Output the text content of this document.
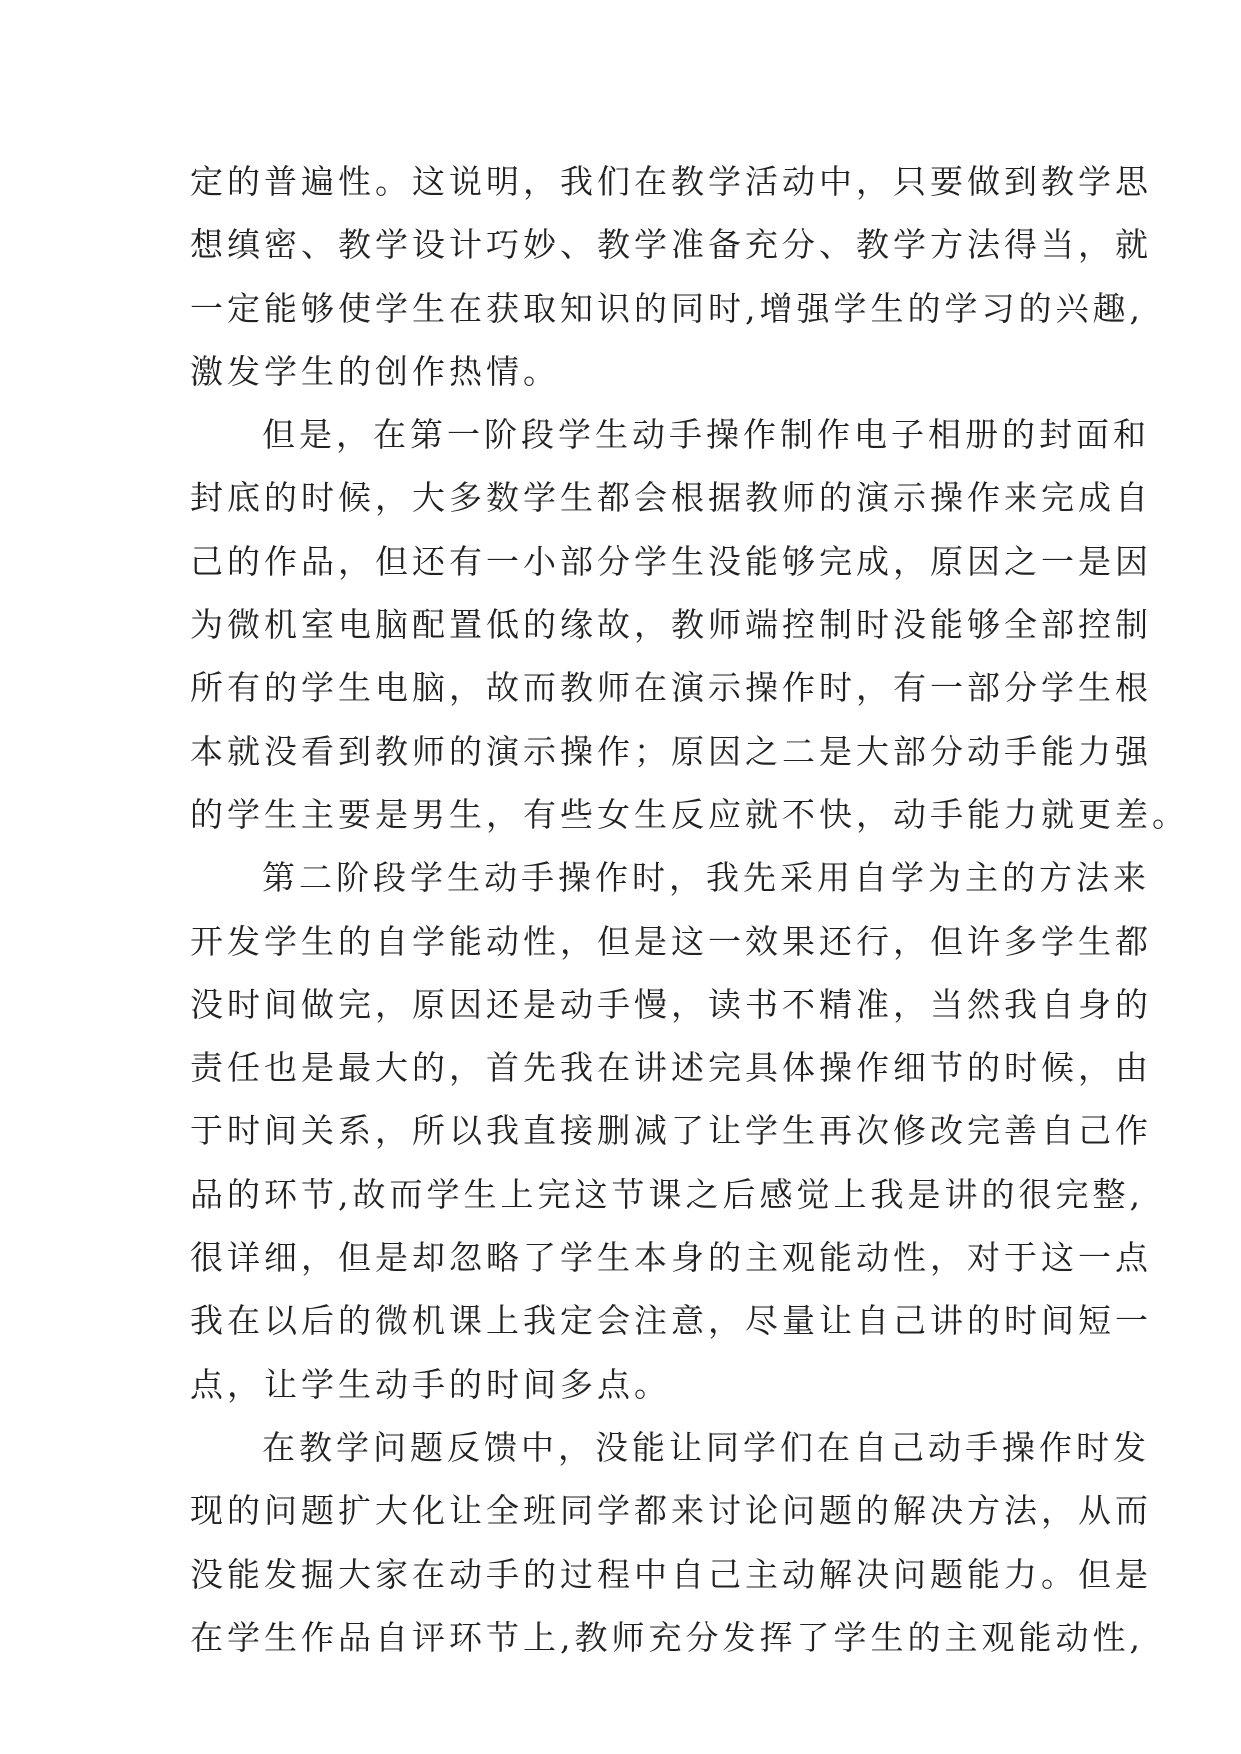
定的普遍性。这说明，我们在教学活动中，只要做到教学思
想缜密、教学设计巧妙、教学准备充分、教学方法得当，就
一定能够使学生在获取知识的同时,增强学生的学习的兴趣,
激发学生的创作热情。
但是，在第一阶段学生动手操作制作电子相册的封面和
封底的时候，大多数学生都会根据教师的演示操作来完成自
己的作品，但还有一小部分学生没能够完成，原因之一是因
为微机室电脑配置低的缘故，教师端控制时没能够全部控制
所有的学生电脑，故而教师在演示操作时，有一部分学生根
本就没看到教师的演示操作；原因之二是大部分动手能力强
的学生主要是男生，有些女生反应就不快，动手能力就更差。
第二阶段学生动手操作时，我先采用自学为主的方法来
开发学生的自学能动性，但是这一效果还行，但许多学生都
没时间做完，原因还是动手慢，读书不精准，当然我自身的
责任也是最大的，首先我在讲述完具体操作细节的时候，由
于时间关系，所以我直接删减了让学生再次修改完善自己作
品的环节,故而学生上完这节课之后感觉上我是讲的很完整,
很详细，但是却忽略了学生本身的主观能动性，对于这一点
我在以后的微机课上我定会注意，尽量让自己讲的时间短一
点，让学生动手的时间多点。
在教学问题反馈中，没能让同学们在自己动手操作时发
现的问题扩大化让全班同学都来讨论问题的解决方法，从而
没能发掘大家在动手的过程中自己主动解决问题能力。但是
在学生作品自评环节上,教师充分发挥了学生的主观能动性,
